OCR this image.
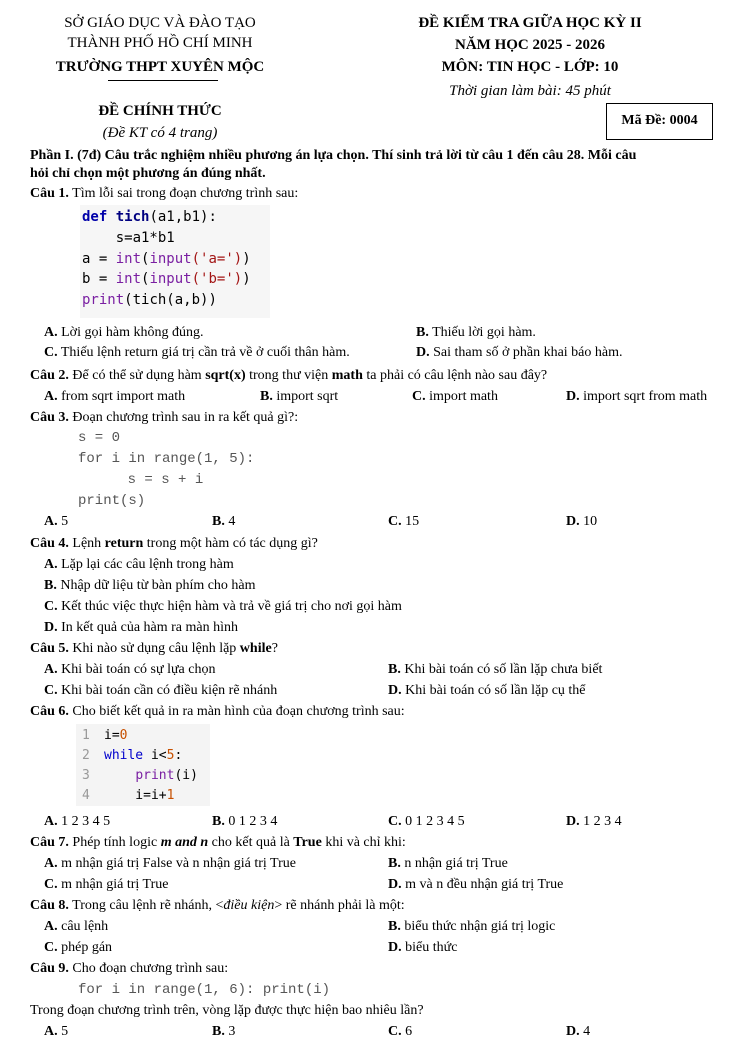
SỞ GIÁO DỤC VÀ ĐÀO TẠO
THÀNH PHỐ HỒ CHÍ MINH
TRƯỜNG THPT XUYÊN MỘC
ĐỀ KIỂM TRA GIỮA HỌC KỲ II
NĂM HỌC 2025 - 2026
MÔN: TIN HỌC - LỚP: 10
Thời gian làm bài: 45 phút
ĐỀ CHÍNH THỨC
(Đề KT có 4 trang)
Mã Đề: 0004
Phần I. (7đ) Câu trắc nghiệm nhiều phương án lựa chọn. Thí sinh trả lời từ câu 1 đến câu 28. Mỗi câu
hỏi chỉ chọn một phương án đúng nhất.
Câu 1. Tìm lỗi sai trong đoạn chương trình sau:
def tich(a1,b1):
s=a1*b1
a = int(input('a='))
b = int(input('b='))
print(tich(a,b))
A. Lời gọi hàm không đúng.	B. Thiếu lời gọi hàm.
C. Thiếu lệnh return giá trị cần trả về ở cuối thân hàm.	D. Sai tham số ở phần khai báo hàm.
Câu 2. Để có thể sử dụng hàm sqrt(x) trong thư viện math ta phải có câu lệnh nào sau đây?
A. from sqrt import math	B. import sqrt	C. import math	D. import sqrt from math
Câu 3. Đoạn chương trình sau in ra kết quả gì?:
s = 0
for i in range(1, 5):
s = s + i
print(s)
A. 5	B. 4	C. 15	D. 10
Câu 4. Lệnh return trong một hàm có tác dụng gì?
A. Lặp lại các câu lệnh trong hàm
B. Nhập dữ liệu từ bàn phím cho hàm
C. Kết thúc việc thực hiện hàm và trả về giá trị cho nơi gọi hàm
D. In kết quả của hàm ra màn hình
Câu 5. Khi nào sử dụng câu lệnh lặp while?
A. Khi bài toán có sự lựa chọn	B. Khi bài toán có số lần lặp chưa biết
C. Khi bài toán cần có điều kiện rẽ nhánh	D. Khi bài toán có số lần lặp cụ thể
Câu 6. Cho biết kết quả in ra màn hình của đoạn chương trình sau:
1
2
3
4
i=0
while i<5:
print(i)
i=i+1
A. 1 2 3 4 5	B. 0 1 2 3 4	C. 0 1 2 3 4 5	D. 1 2 3 4
Câu 7. Phép tính logic m and n cho kết quả là True khi và chỉ khi:
A. m nhận giá trị False và n nhận giá trị True	B. n nhận giá trị True
C. m nhận giá trị True	D. m và n đều nhận giá trị True
Câu 8. Trong câu lệnh rẽ nhánh, <điều kiện> rẽ nhánh phải là một:
A. câu lệnh	B. biểu thức nhận giá trị logic
C. phép gán	D. biểu thức
Câu 9. Cho đoạn chương trình sau:
for i in range(1, 6): print(i)
Trong đoạn chương trình trên, vòng lặp được thực hiện bao nhiêu lần?
A. 5	B. 3	C. 6	D. 4
